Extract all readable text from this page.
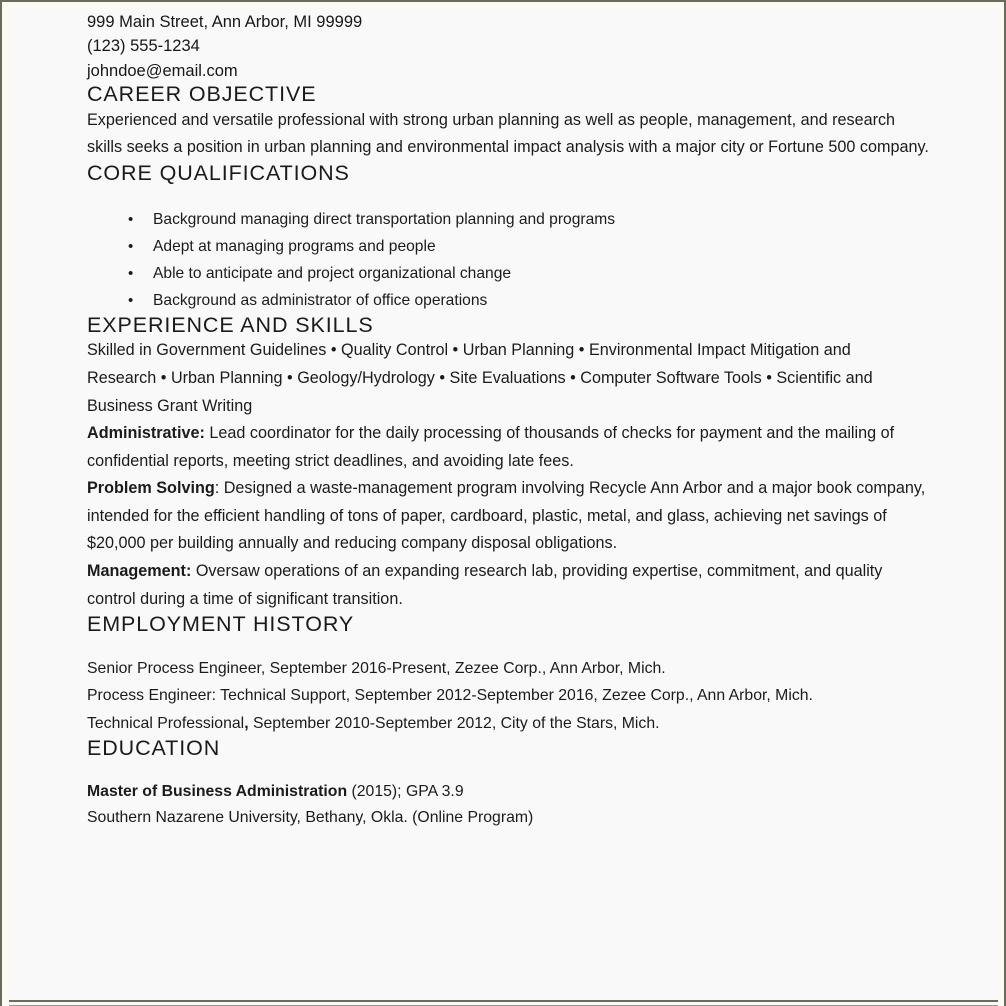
999 Main Street, Ann Arbor, MI 99999
(123) 555-1234
johndoe@email.com
CAREER OBJECTIVE

Experienced and versatile professional with strong urban planning as well as people, management, and research skills seeks a position in urban planning and environmental impact analysis with a major city or Fortune 500 company.

CORE QUALIFICATIONS
• Background managing direct transportation planning and programs
• Adept at managing programs and people
• Able to anticipate and project organizational change
• Background as administrator of office operations
EXPERIENCE AND SKILLS

Skilled in Government Guidelines • Quality Control • Urban Planning • Environmental Impact Mitigation and Research • Urban Planning • Geology/Hydrology • Site Evaluations • Computer Software Tools • Scientific and Business Grant Writing

Administrative: Lead coordinator for the daily processing of thousands of checks for payment and the mailing of confidential reports, meeting strict deadlines, and avoiding late fees.

Problem Solving: Designed a waste-management program involving Recycle Ann Arbor and a major book company, intended for the efficient handling of tons of paper, cardboard, plastic, metal, and glass, achieving net savings of $20,000 per building annually and reducing company disposal obligations.

Management: Oversaw operations of an expanding research lab, providing expertise, commitment, and quality control during a time of significant transition.

EMPLOYMENT HISTORY
Senior Process Engineer, September 2016-Present, Zezee Corp., Ann Arbor, Mich.
Process Engineer: Technical Support, September 2012-September 2016, Zezee Corp., Ann Arbor, Mich.
Technical Professional, September 2010-September 2012, City of the Stars, Mich.
EDUCATION
Master of Business Administration (2015); GPA 3.9
Southern Nazarene University, Bethany, Okla. (Online Program)
